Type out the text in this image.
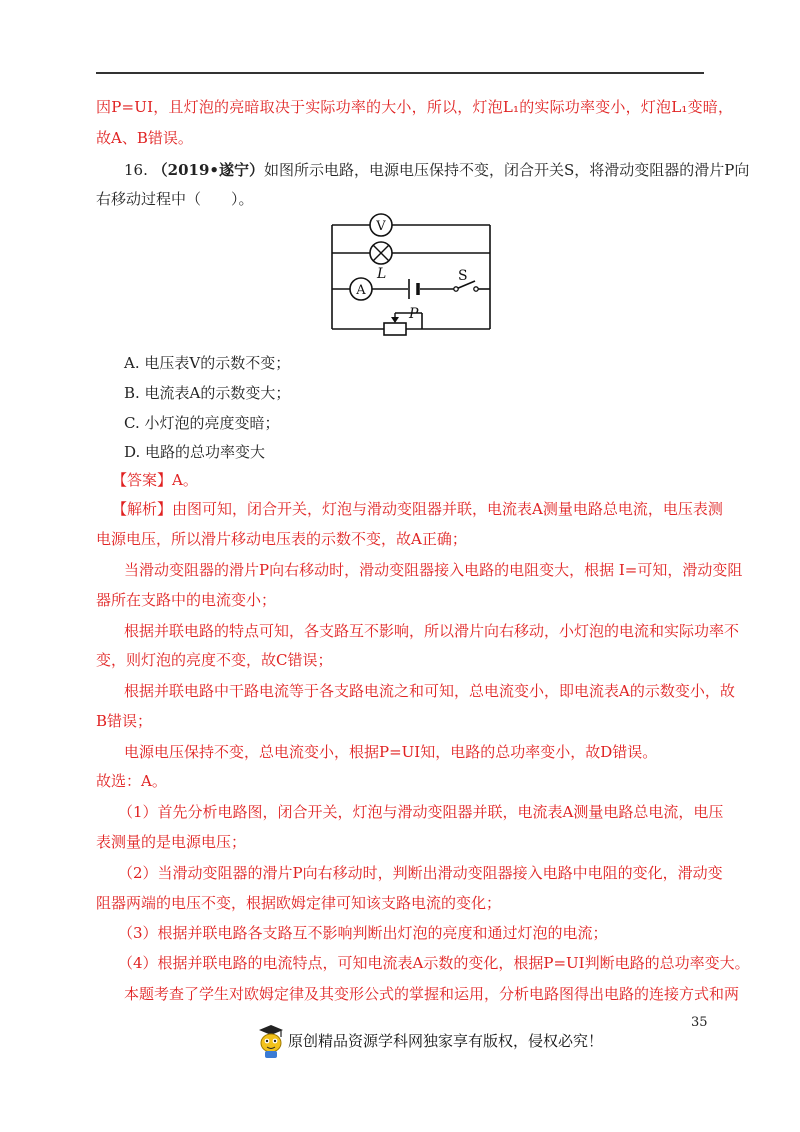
因P=UI，且灯泡的亮暗取决于实际功率的大小，所以，灯泡L₁的实际功率变小，灯泡L₁变暗，
故A、B错误。
16. （2019•遂宁）如图所示电路，电源电压保持不变，闭合开关S，将滑动变阻器的滑片P向
右移动过程中（　　）。
V
L
A
S
P
A. 电压表V的示数不变；
B. 电流表A的示数变大；
C. 小灯泡的亮度变暗；
D. 电路的总功率变大
【答案】A。
【解析】由图可知，闭合开关，灯泡与滑动变阻器并联，电流表A测量电路总电流，电压表测
电源电压，所以滑片移动电压表的示数不变，故A正确；
当滑动变阻器的滑片P向右移动时，滑动变阻器接入电路的电阻变大，根据 I=可知，滑动变阻
器所在支路中的电流变小；
根据并联电路的特点可知，各支路互不影响，所以滑片向右移动，小灯泡的电流和实际功率不
变，则灯泡的亮度不变，故C错误；
根据并联电路中干路电流等于各支路电流之和可知，总电流变小，即电流表A的示数变小，故
B错误；
电源电压保持不变，总电流变小，根据P=UI知，电路的总功率变小，故D错误。
故选：A。
（1）首先分析电路图，闭合开关，灯泡与滑动变阻器并联，电流表A测量电路总电流，电压
表测量的是电源电压；
（2）当滑动变阻器的滑片P向右移动时，判断出滑动变阻器接入电路中电阻的变化，滑动变
阻器两端的电压不变，根据欧姆定律可知该支路电流的变化；
（3）根据并联电路各支路互不影响判断出灯泡的亮度和通过灯泡的电流；
（4）根据并联电路的电流特点，可知电流表A示数的变化，根据P=UI判断电路的总功率变大。
本题考查了学生对欧姆定律及其变形公式的掌握和运用，分析电路图得出电路的连接方式和两
35
原创精品资源学科网独家享有版权，侵权必究！
